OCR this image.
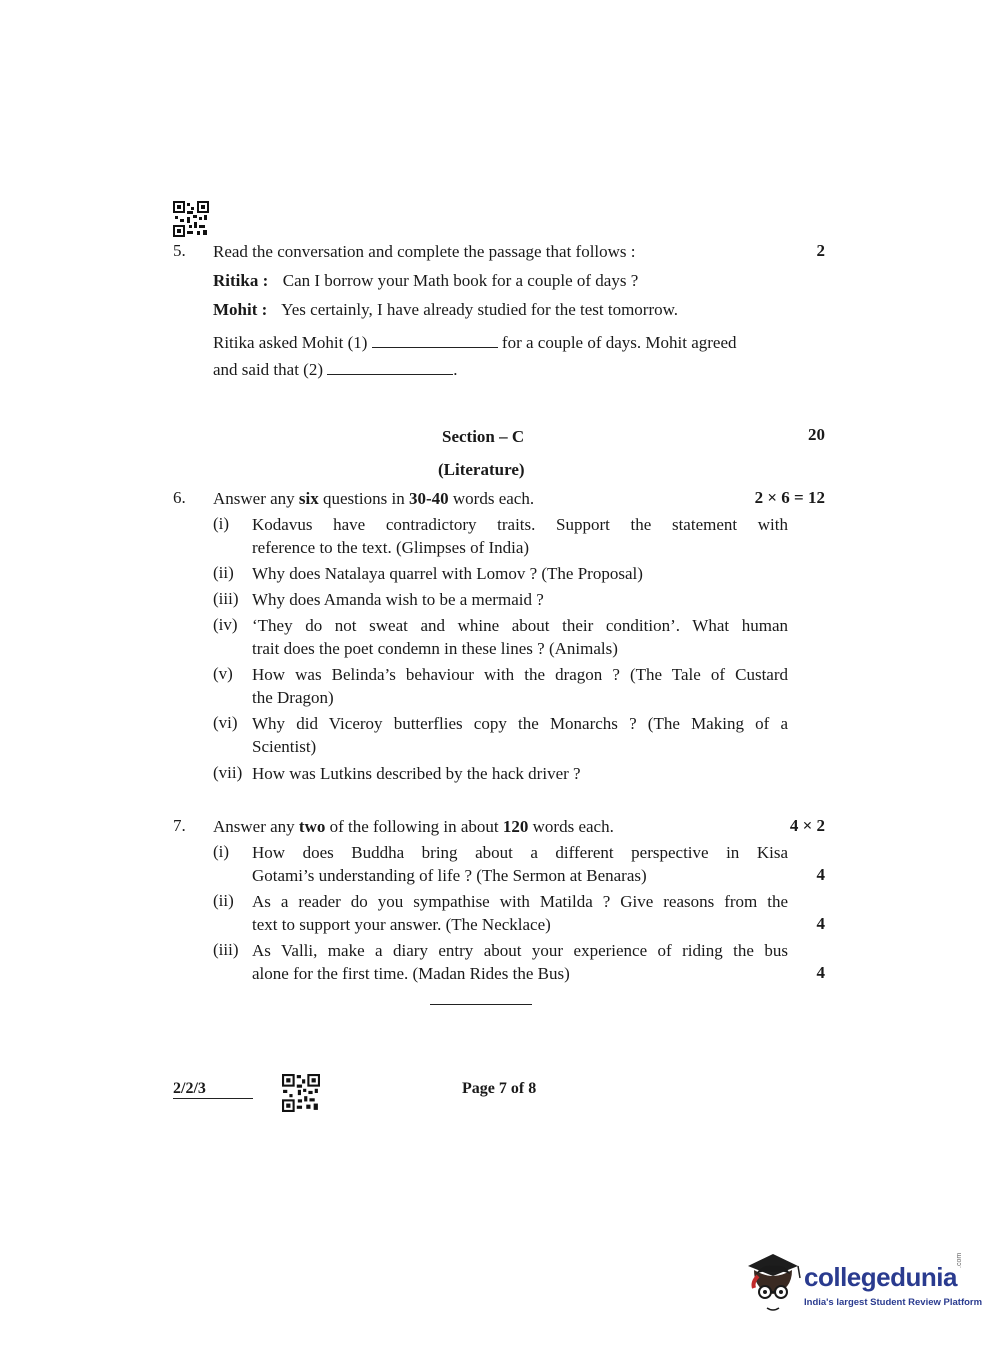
5. Read the conversation and complete the passage that follows :	2
Ritika : Can I borrow your Math book for a couple of days ?
Mohit : Yes certainly, I have already studied for the test tomorrow.
Ritika asked Mohit (1)	for a couple of days. Mohit agreed
and said that (2)	.
Section – C	20
(Literature)
6. Answer any six questions in 30-40 words each.	2 × 6 = 12
(i) Kodavus have contradictory traits. Support the statement with
reference to the text. (Glimpses of India)
(ii) Why does Natalaya quarrel with Lomov ? (The Proposal)
(iii) Why does Amanda wish to be a mermaid ?
(iv) ‘They do not sweat and whine about their condition’. What human
trait does the poet condemn in these lines ? (Animals)
(v) How was Belinda’s behaviour with the dragon ? (The Tale of Custard
the Dragon)
(vi) Why did Viceroy butterflies copy the Monarchs ? (The Making of a
Scientist)
(vii) How was Lutkins described by the hack driver ?
7. Answer any two of the following in about 120 words each.	4 × 2
(i) How does Buddha bring about a different perspective in Kisa
Gotami’s understanding of life ? (The Sermon at Benaras)	4
(ii) As a reader do you sympathise with Matilda ? Give reasons from the
text to support your answer. (The Necklace)	4
(iii) As Valli, make a diary entry about your experience of riding the bus
alone for the first time. (Madan Rides the Bus)	4
2/2/3	Page 7 of 8
collegedunia
.com
India's largest Student Review Platform
